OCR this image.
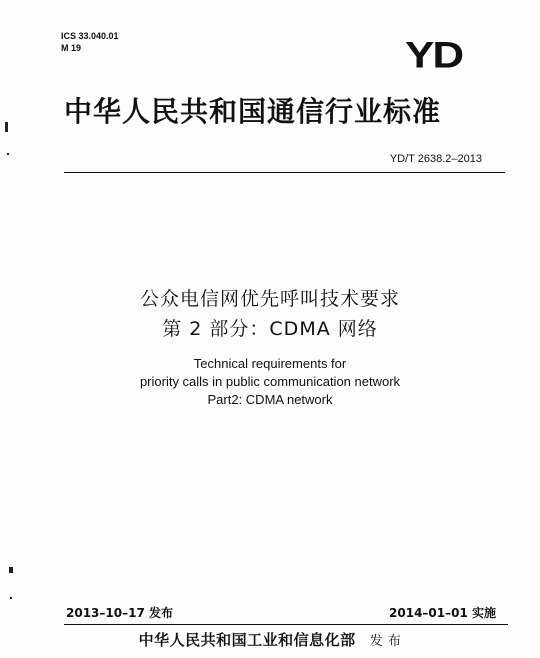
ICS 33.040.01
M 19	YD
中华人民共和国通信行业标准
YD/T 2638.2–2013
公众电信网优先呼叫技术要求
第 2 部分：CDMA 网络
Technical requirements for
priority calls in public communication network
Part2: CDMA network
2013–10–17 发布	2014–01–01 实施
中华人民共和国工业和信息化部 发 布
